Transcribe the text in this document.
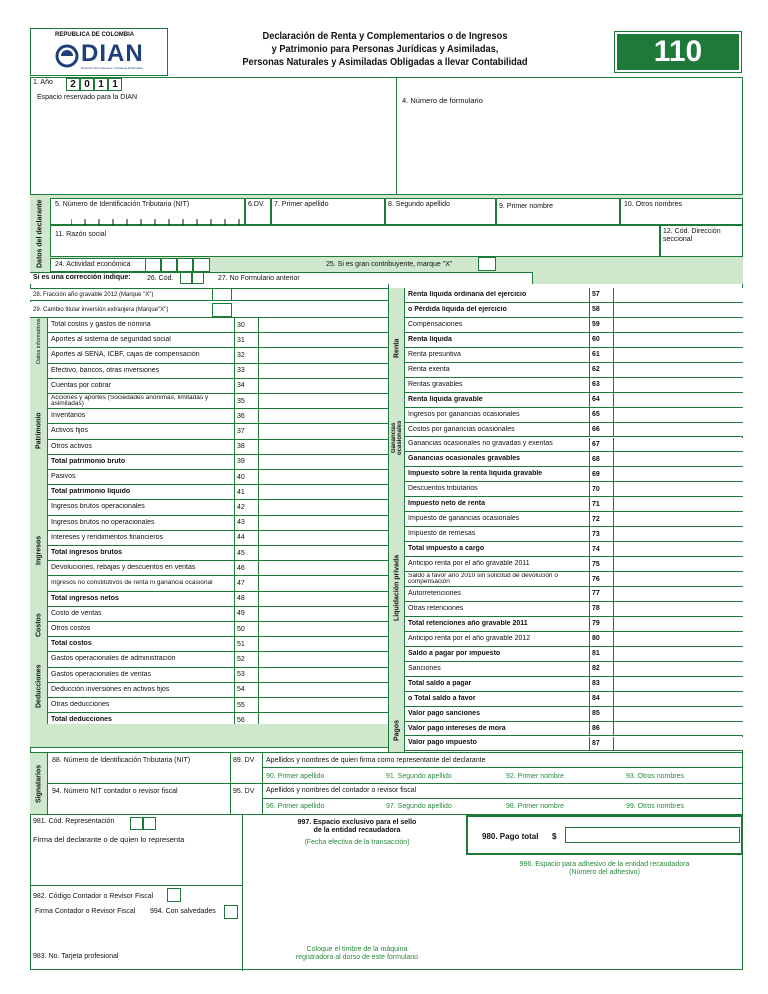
REPUBLICA DE COLOMBIA
DIAN
Dirección de Impuestos y Aduanas Nacionales
Declaración de Renta y Complementarios o de Ingresos
y Patrimonio para Personas Jurídicas y Asimiladas,
Personas Naturales y Asimiladas Obligadas a llevar Contabilidad	110
1. Año	2 0 1 1
Espacio reservado para la DIAN	4. Número de formulario
Datos del declarante	5. Número de Identificación Tributaria (NIT)	6.DV. 7. Primer apellido	8. Segundo apellido	9. Primer nombre	10. Otros nombres
11. Razón social	12. Cód. Dirección seccional
24. Actividad económica	25. Si es gran contribuyente, marque "X"
Si es una corrección indique: 26. Cód.	27. No Formulario anterior
28. Fracción año gravable 2012 (Marque "X")
29. Cambio titular inversión extranjera (Marque"X")
Total costos y gastos de nómina	30
Aportes al sistema de seguridad social	31
Aportes al SENA, ICBF, cajas de compensación	32
Efectivo, bancos, otras inversiones	33
Cuentas por cobrar	34
Acciones y aportes (Sociedades anónimas, limitadas y asimiladas)	35
Inventarios	36
Activos fijos	37
Otros activos	38
Total patrimonio bruto	39
Pasivos	40
Total patrimonio líquido	41
Ingresos brutos operacionales	42
Ingresos brutos no operacionales	43
Intereses y rendimientos financieros	44
Total ingresos brutos	45
Devoluciones, rebajas y descuentos en ventas	46
Ingresos no constitutivos de renta ni ganancia ocasional	47
Total ingresos netos	48
Costo de ventas	49
Otros costos	50
Total costos	51
Gastos operacionales de administración	52
Gastos operacionales de ventas	53
Deducción inversiones en activos fijos	54
Otras deducciones	55
Total deducciones	56
Datos informativos
Patrimonio
Ingresos
Costos
Deducciones
Renta líquida ordinaria del ejercicio	57
o Pérdida líquida del ejercicio	58
Compensaciones	59
Renta líquida	60
Renta presuntiva	61
Renta exenta	62
Rentas gravables	63
Renta líquida gravable	64
Ingresos por ganancias ocasionales	65
Costos por ganancias ocasionales	66
Ganancias ocasionales no gravadas y exentas	67
Ganancias ocasionales gravables	68
Impuesto sobre la renta líquida gravable	69
Descuentos tributarios	70
Impuesto neto de renta	71
Impuesto de ganancias ocasionales	72
Impuesto de remesas	73
Total impuesto a cargo	74
Anticipo renta por el año gravable 2011	75
Saldo a favor año 2010 sin solicitud de devolución o compensación	76
Autorretenciones	77
Otras retenciones	78
Total retenciones año gravable 2011	79
Anticipo renta por el año gravable 2012	80
Saldo a pagar por impuesto	81
Sanciones	82
Total saldo a pagar	83
o Total saldo a favor	84
Valor pago sanciones	85
Valor pago intereses de mora	86
Valor pago impuesto	87
Renta
Ganancias ocasionales
Liquidación privada
Pagos
Signatarios
88. Número de Identificación Tributaria (NIT)	89. DV Apellidos y nombres de quien firma como representante del declarante
90. Primer apellido	91. Segundo apellido	92. Primer nombre	93. Otros nombres
94. Número NIT contador o revisor fiscal	95. DV Apellidos y nombres del contador o revisor fiscal
96. Primer apellido	97. Segundo apellido	98. Primer nombre	99. Otros nombres
981. Cód. Representación
Firma del declarante o de quien lo representa
982. Código Contador o Revisor Fiscal
Firma Contador o Revisor Fiscal 994. Con salvedades
983. No. Tarjeta profesional
997. Espacio exclusivo para el sello
de la entidad recaudadora
(Fecha efectiva de la transacción)
Coloque el timbre de la máquina
registradora al dorso de este formulario
980. Pago total $
996. Espacio para adhesivo de la entidad recaudadora
(Número del adhesivo)
